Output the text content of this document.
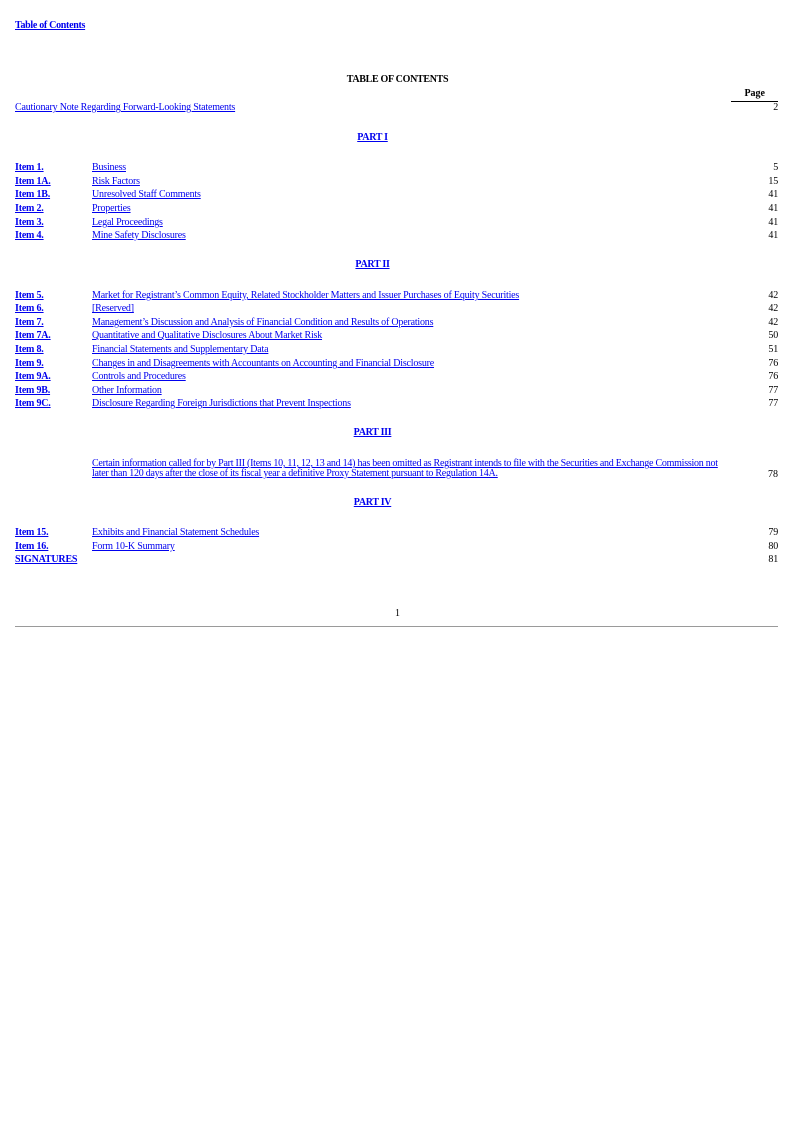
Table of Contents
TABLE OF CONTENTS
Page
Cautionary Note Regarding Forward-Looking Statements	2
PART I
Item 1.	Business	5
Item 1A.	Risk Factors	15
Item 1B.	Unresolved Staff Comments	41
Item 2.	Properties	41
Item 3.	Legal Proceedings	41
Item 4.	Mine Safety Disclosures	41
PART II
Item 5.	Market for Registrant’s Common Equity, Related Stockholder Matters and Issuer Purchases of Equity Securities	42
Item 6.	[Reserved]	42
Item 7.	Management’s Discussion and Analysis of Financial Condition and Results of Operations	42
Item 7A.	Quantitative and Qualitative Disclosures About Market Risk	50
Item 8.	Financial Statements and Supplementary Data	51
Item 9.	Changes in and Disagreements with Accountants on Accounting and Financial Disclosure	76
Item 9A.	Controls and Procedures	76
Item 9B.	Other Information	77
Item 9C.	Disclosure Regarding Foreign Jurisdictions that Prevent Inspections	77
PART III
Certain information called for by Part III (Items 10, 11, 12, 13 and 14) has been omitted as Registrant intends to file with the Securities and Exchange Commission not later than 120 days after the close of its fiscal year a definitive Proxy Statement pursuant to Regulation 14A.	78
PART IV
Item 15.	Exhibits and Financial Statement Schedules	79
Item 16.	Form 10-K Summary	80
SIGNATURES	81
1
